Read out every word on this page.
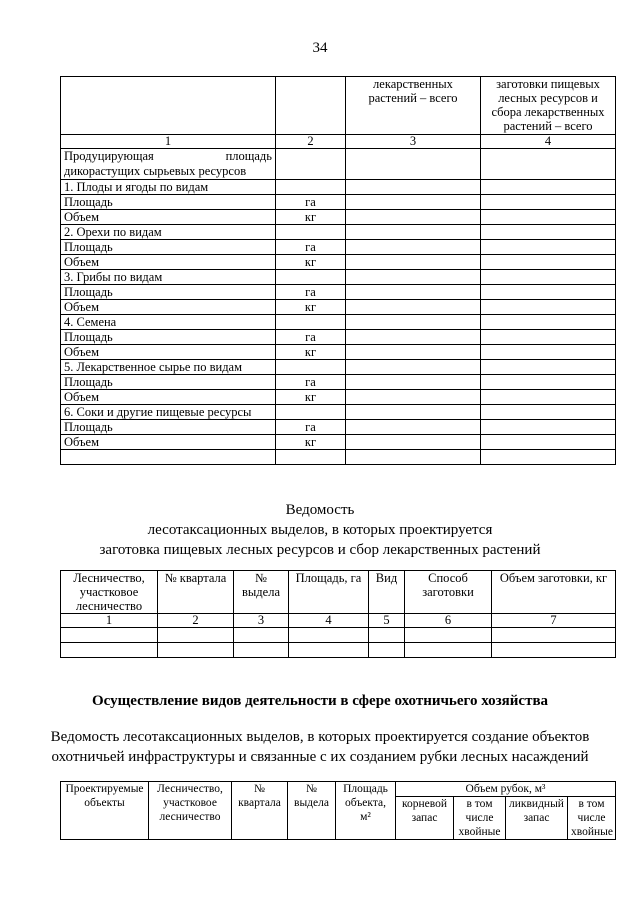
34
		лекарственных растений – всего	заготовки пищевых лесных ресурсов и сбора лекарственных растений – всего
1	2	3	4

Продуцирующая площадь
дикорастущих сырьевых ресурсов			

1. Плоды и ягоды по видам			
Площадь	га		
Объем	кг		
2. Орехи по видам			
Площадь	га		
Объем	кг		
3. Грибы по видам			
Площадь	га		
Объем	кг		
4. Семена			
Площадь	га		
Объем	кг		
5. Лекарственное сырье по видам			
Площадь	га		
Объем	кг		
6. Соки и другие пищевые ресурсы			
Площадь	га		
Объем	кг		

Ведомость
лесотаксационных выделов, в которых проектируется
заготовка пищевых лесных ресурсов и сбор лекарственных растений
Лесничество, участковое лесничество	№ квартала	№ выдела	Площадь, га	Вид	Способ заготовки	Объем заготовки, кг
1	2	3	4	5	6	7

Осуществление видов деятельности в сфере охотничьего хозяйства
Ведомость лесотаксационных выделов, в которых проектируется создание объектов
охотничьей инфраструктуры и связанные с их созданием рубки лесных насаждений
Проектируемые объекты	Лесничество, участковое лесничество	№ квартала	№ выдела	Площадь объекта, м²	Объем рубок, м³			
					корневой запас	в том числе хвойные	ликвидный запас	в том числе хвойные
